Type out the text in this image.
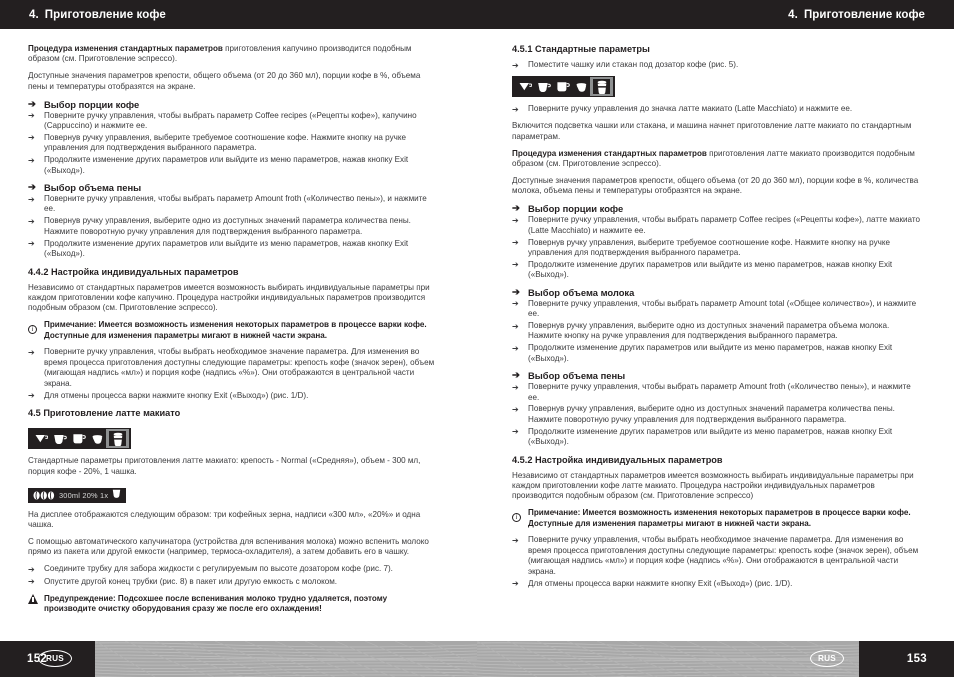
4. Приготовление кофе	4. Приготовление кофе

Процедура изменения стандартных параметров приготовления капучино производится подобным образом (см. Приготовление эспрессо).

Доступные значения параметров крепости, общего объема (от 20 до 360 мл), порции кофе в %, объема пены и температуры отобразятся на экране.

➔ Выбор порции кофе
➔	Поверните ручку управления, чтобы выбрать параметр Coffee recipes («Рецепты кофе»), капучино (Cappuccino) и нажмите ее.
➔	Повернув ручку управления, выберите требуемое соотношение кофе. Нажмите кнопку на ручке управления для подтверждения выбранного параметра.
➔	Продолжите изменение других параметров или выйдите из меню параметров, нажав кнопку Exit («Выход»).
➔ Выбор объема пены
➔	Поверните ручку управления, чтобы выбрать параметр Amount froth («Количество пены»), и нажмите ее.
➔	Повернув ручку управления, выберите одно из доступных значений параметра количества пены. Нажмите поворотную ручку управления для подтверждения выбранного параметра.
➔	Продолжите изменение других параметров или выйдите из меню параметров, нажав кнопку Exit («Выход»).
4.4.2 Настройка индивидуальных параметров

Независимо от стандартных параметров имеется возможность выбирать индивидуальные параметры при каждом приготовлении кофе капучино. Процедура настройки индивидуальных параметров производится подобным образом (см. Приготовление эспрессо).

i
Примечание: Имеется возможность изменения некоторых параметров в процессе варки кофе. Доступные для изменения параметры мигают в нижней части экрана.
➔	Поверните ручку управления, чтобы выбрать необходимое значение параметра. Для изменения во время процесса приготовления доступны следующие параметры: крепость кофе (значок зерен), объем (мигающая надпись «мл») и порция кофе (надпись «%»). Они отображаются в центральной части экрана.
➔	Для отмены процесса варки нажмите кнопку Exit («Выход») (рис. 1/D).
4.5 Приготовление латте макиато

Стандартные параметры приготовления латте макиато: крепость - Normal («Средняя»), объем - 300 мл, порция кофе - 20%, 1 чашка.

300ml 20% 1x

На дисплее отображаются следующим образом: три кофейных зерна, надписи «300 мл», «20%» и одна чашка.

С помощью автоматического капучинатора (устройства для вспенивания молока) можно вспенить молоко прямо из пакета или другой емкости (например, термоса-охладителя), а затем добавить его в чашку.

➔	Соедините трубку для забора жидкости с регулируемым по высоте дозатором кофе (рис. 7).
➔	Опустите другой конец трубки (рис. 8) в пакет или другую емкость с молоком.
Предупреждение: Подсохшее после вспенивания молоко трудно удаляется, поэтому производите очистку оборудования сразу же после его охлаждения!
4.5.1 Стандартные параметры
➔	Поместите чашку или стакан под дозатор кофе (рис. 5).
➔	Поверните ручку управления до значка латте макиато (Latte Macchiato) и нажмите ее.

Включится подсветка чашки или стакана, и машина начнет приготовление латте макиато по стандартным параметрам.

Процедура изменения стандартных параметров приготовления латте макиато производится подобным образом (см. Приготовление эспрессо).

Доступные значения параметров крепости, общего объема (от 20 до 360 мл), порции кофе в %, количества молока, объема пены и температуры отобразятся на экране.

➔ Выбор порции кофе
➔	Поверните ручку управления, чтобы выбрать параметр Coffee recipes («Рецепты кофе»), латте макиато (Latte Macchiato) и нажмите ее.
➔	Повернув ручку управления, выберите требуемое соотношение кофе. Нажмите кнопку на ручке управления для подтверждения выбранного параметра.
➔	Продолжите изменение других параметров или выйдите из меню параметров, нажав кнопку Exit («Выход»).
➔ Выбор объема молока
➔	Поверните ручку управления, чтобы выбрать параметр Amount total («Общее количество»), и нажмите ее.
➔	Повернув ручку управления, выберите одно из доступных значений параметра объема молока. Нажмите кнопку на ручке управления для подтверждения выбранного параметра.
➔	Продолжите изменение других параметров или выйдите из меню параметров, нажав кнопку Exit («Выход»).
➔ Выбор объема пены
➔	Поверните ручку управления, чтобы выбрать параметр Amount froth («Количество пены»), и нажмите ее.
➔	Повернув ручку управления, выберите одно из доступных значений параметра количества пены. Нажмите поворотную ручку управления для подтверждения выбранного параметра.
➔	Продолжите изменение других параметров или выйдите из меню параметров, нажав кнопку Exit («Выход»).
4.5.2 Настройка индивидуальных параметров

Независимо от стандартных параметров имеется возможность выбирать индивидуальные параметры при каждом приготовлении кофе латте макиато. Процедура настройки индивидуальных параметров производится подобным образом (см. Приготовление эспрессо)

i
Примечание: Имеется возможность изменения некоторых параметров в процессе варки кофе. Доступные для изменения параметры мигают в нижней части экрана.
➔	Поверните ручку управления, чтобы выбрать необходимое значение параметра. Для изменения во время процесса приготовления доступны следующие параметры: крепость кофе (значок зерен), объем (мигающая надпись «мл») и порция кофе (надпись «%»). Они отображаются в центральной части экрана.
➔	Для отмены процесса варки нажмите кнопку Exit («Выход») (рис. 1/D).
152	153
RUS	RUS
